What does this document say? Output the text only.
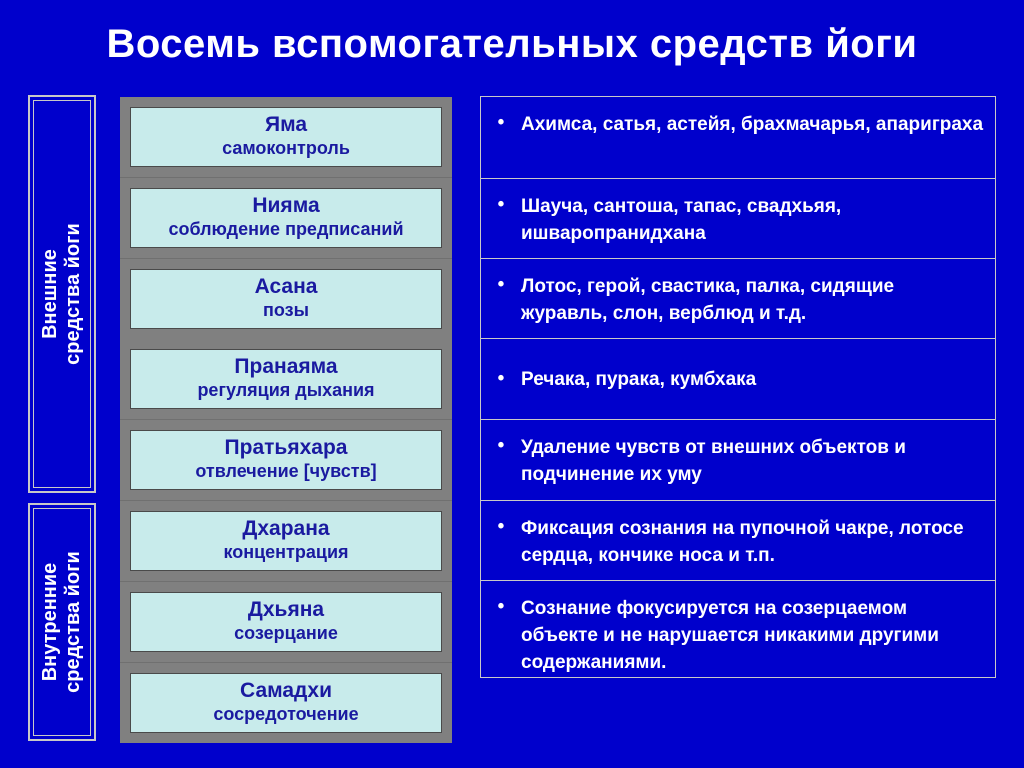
Восемь вспомогательных средств йоги
Внешние
средства йоги
Внутренние
средства йоги
Яма
самоконтроль
Нияма
соблюдение предписаний
Асана
позы
Пранаяма
регуляция дыхания
Пратьяхара
отвлечение [чувств]
Дхарана
концентрация
Дхьяна
созерцание
Самадхи
сосредоточение
• Ахимса, сатья, астейя, брахмачарья, апариграха
• Шауча, сантоша, тапас, свадхьяя, ишваропранидхана
• Лотос, герой, свастика, палка, сидящие журавль, слон, верблюд и т.д.
• Речака, пурака, кумбхака
• Удаление чувств от внешних объектов и подчинение их уму
• Фиксация сознания на пупочной чакре, лотосе сердца, кончике носа и т.п.
• Сознание фокусируется на созерцаемом объекте и не нарушается никакими другими содержаниями.
